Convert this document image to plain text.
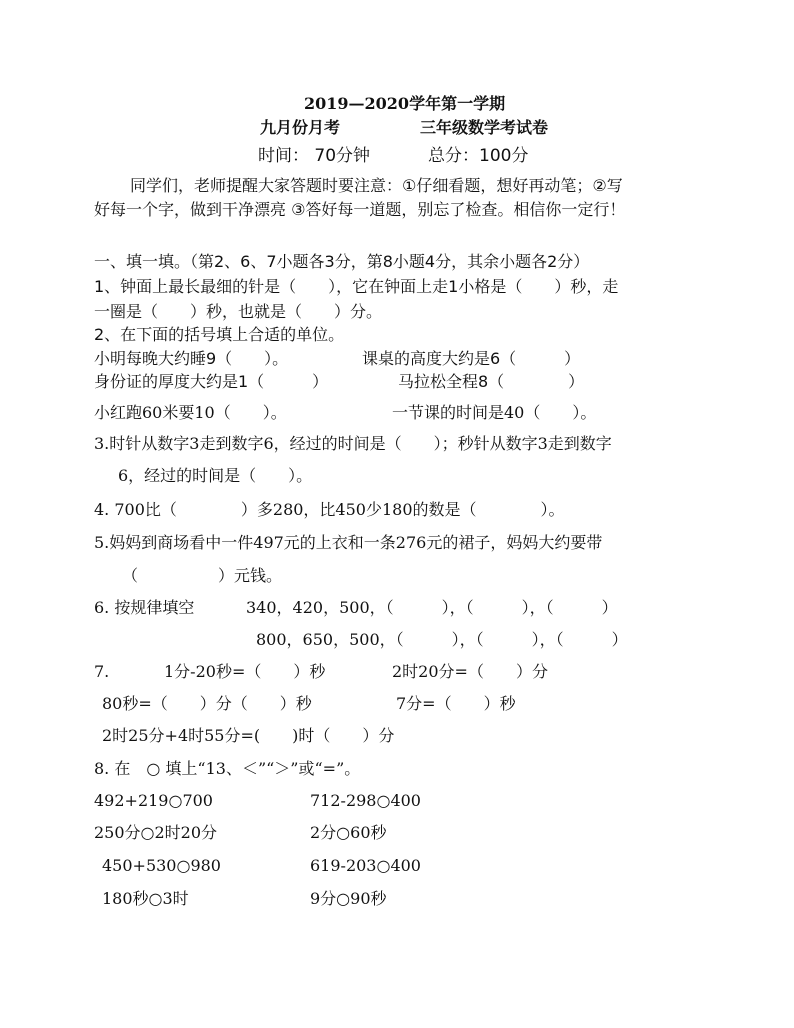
2019—2020学年第一学期
九月份月考	三年级数学考试卷
时间： 70分钟	总分：100分
同学们，老师提醒大家答题时要注意：①仔细看题，想好再动笔；②写
好每一个字，做到干净漂亮 ③答好每一道题，别忘了检查。相信你一定行！
一、填一填。（第2、6、7小题各3分，第8小题4分，其余小题各2分）
1、钟面上最长最细的针是（　　），它在钟面上走1小格是（　　）秒，走
一圈是（　　）秒，也就是（　　）分。
2、在下面的括号填上合适的单位。
小明每晚大约睡9（　　）。	课桌的高度大约是6（　　　）
身份证的厚度大约是1（　　　）	马拉松全程8（　　　　）
小红跑60米要10（　　）。	一节课的时间是40（　　）。
3.时针从数字3走到数字6，经过的时间是（　　）；秒针从数字3走到数字
6，经过的时间是（　　）。
4. 700比（　　　　）多280，比450少180的数是（　　　　）。
5.妈妈到商场看中一件497元的上衣和一条276元的裙子，妈妈大约要带
（　　　　　）元钱。
6. 按规律填空	340，420，500，（　　　），（　　　），（　　　）
800，650，500，（　　　），（　　　），（　　　）
7.	1分-20秒=（　　）秒	2时20分=（　　）分
80秒=（　　）分（　　）秒	7分=（　　）秒
2时25分+4时55分=(　　)时（　　）分
8. 在　○ 填上“13、＜”“＞”或“=”。
492+219○700	712-298○400
250分○2时20分	2分○60秒
450+530○980	619-203○400
180秒○3时	9分○90秒
